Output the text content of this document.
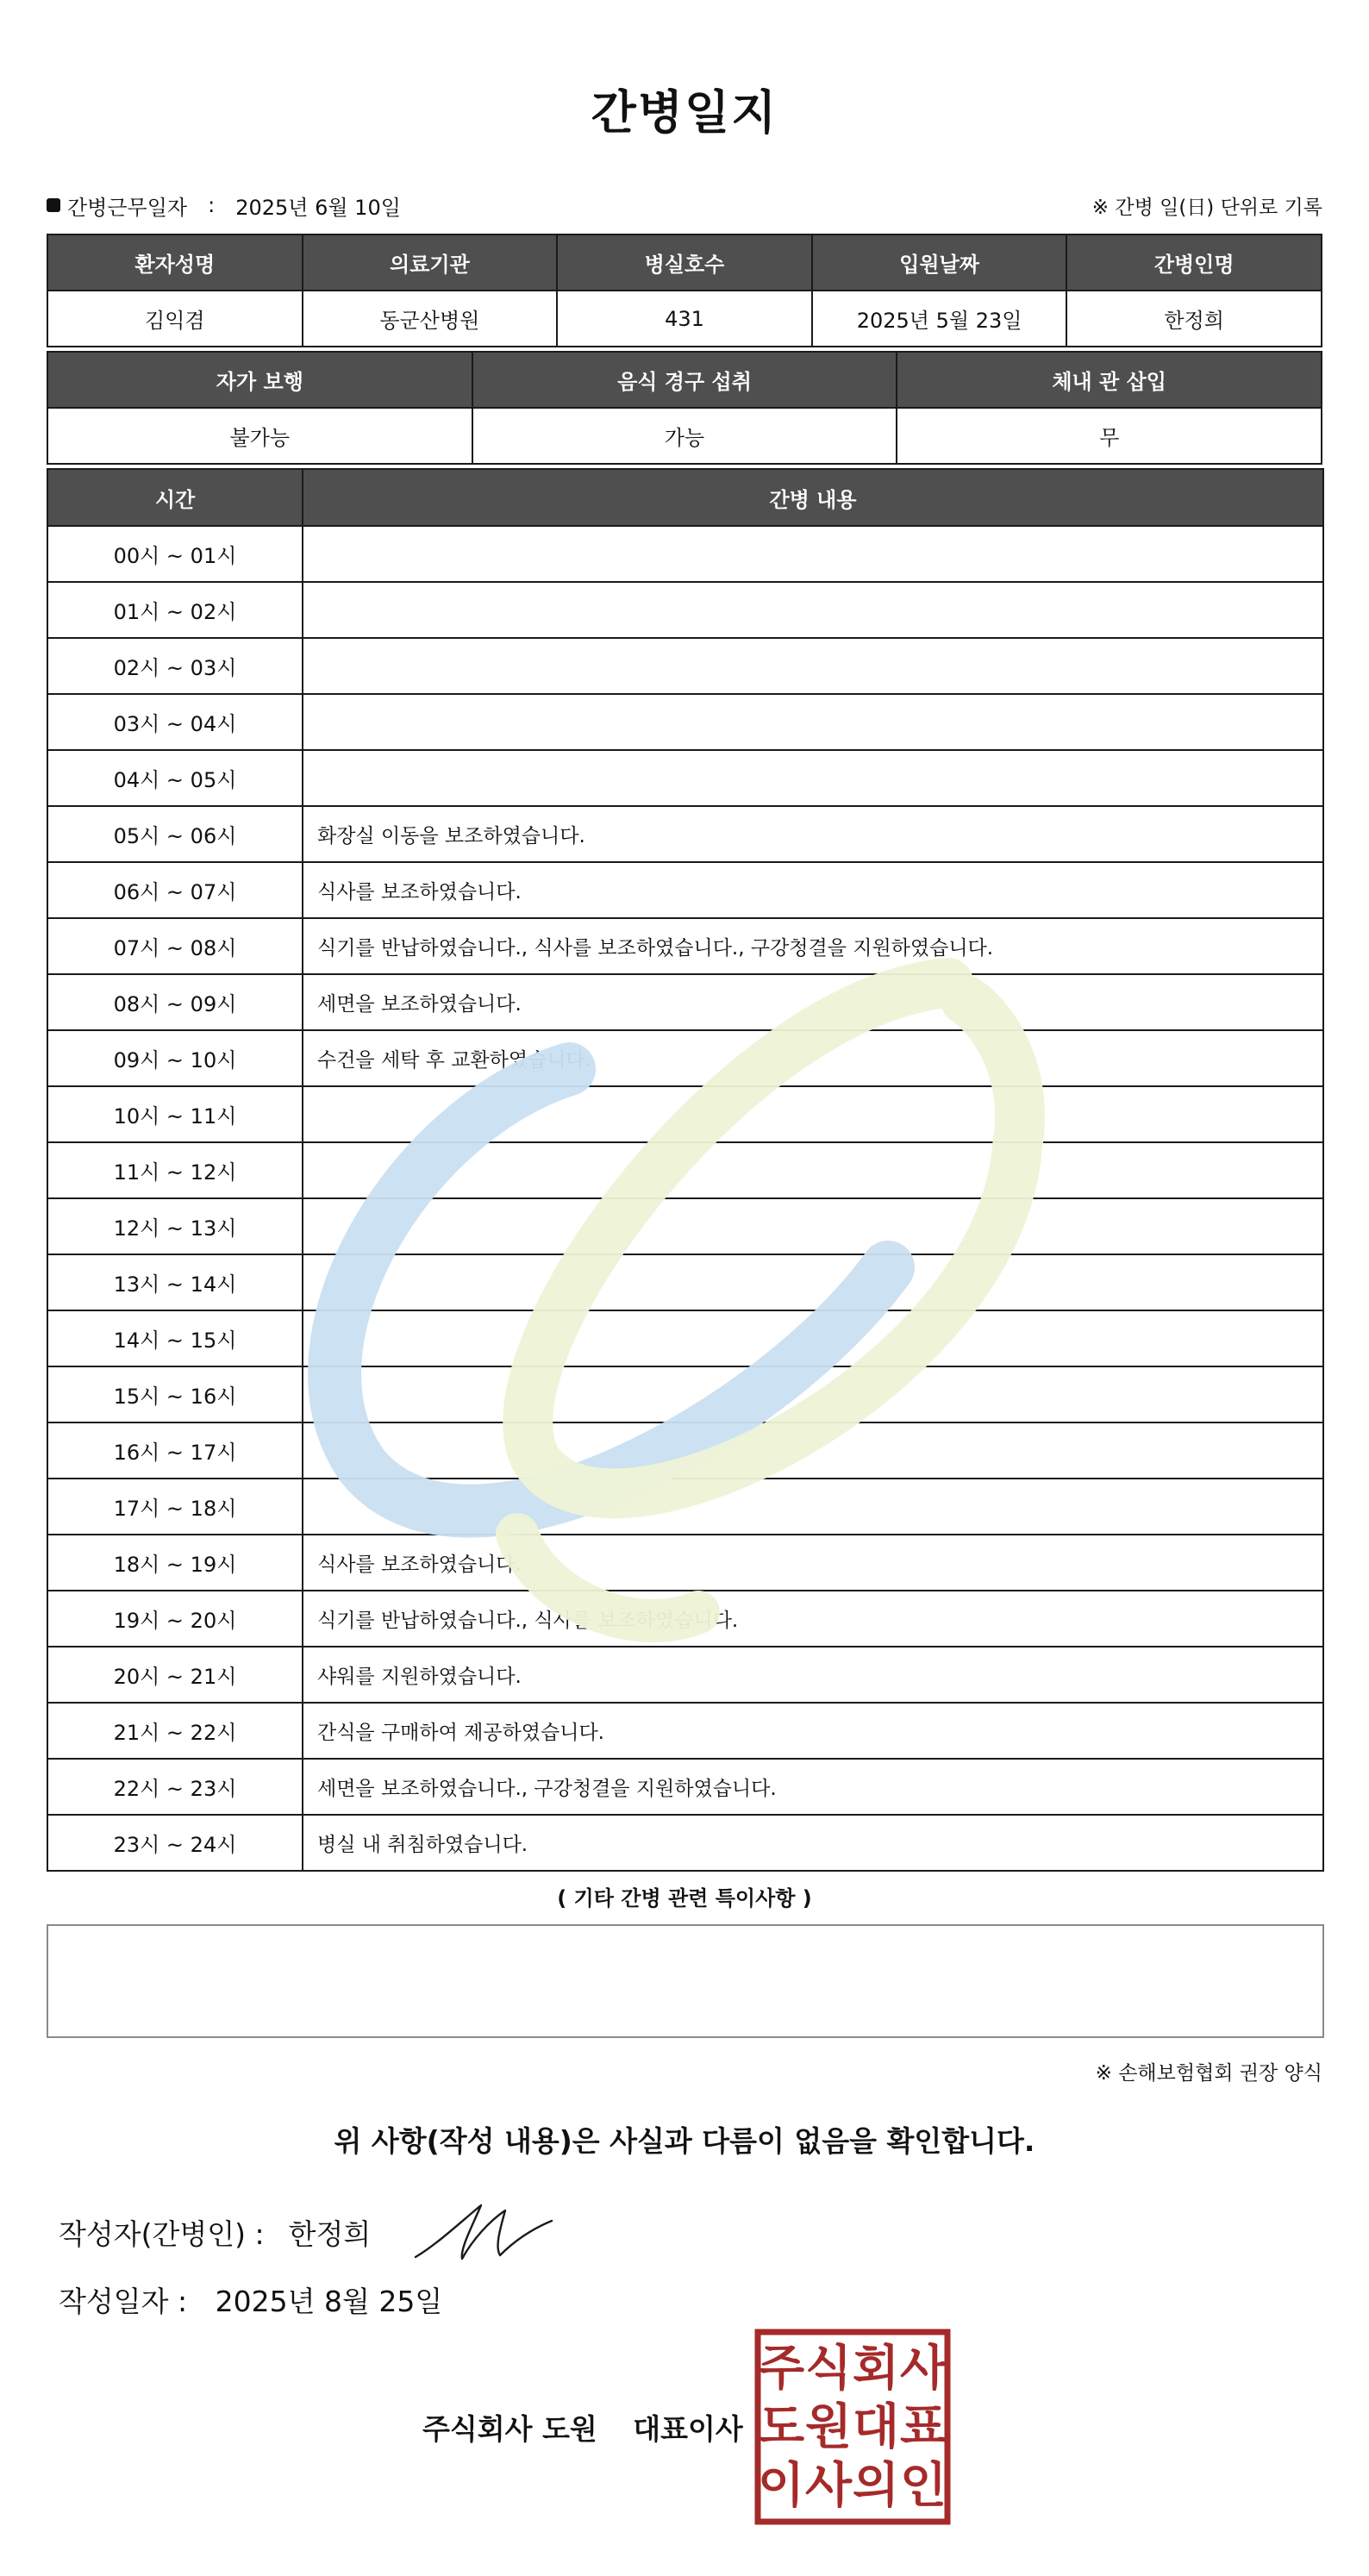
간병일지
간병근무일자 : 2025년 6월 10일	※ 간병 일(日) 단위로 기록
환자성명	의료기관	병실호수	입원날짜	간병인명
김익겸	동군산병원	431	2025년 5월 23일	한정희
자가 보행	음식 경구 섭취	체내 관 삽입
불가능	가능	무
시간	간병 내용
00시 ~ 01시	
01시 ~ 02시	
02시 ~ 03시	
03시 ~ 04시	
04시 ~ 05시	
05시 ~ 06시	화장실 이동을 보조하였습니다.
06시 ~ 07시	식사를 보조하였습니다.
07시 ~ 08시	식기를 반납하였습니다., 식사를 보조하였습니다., 구강청결을 지원하였습니다.
08시 ~ 09시	세면을 보조하였습니다.
09시 ~ 10시	수건을 세탁 후 교환하였습니다.
10시 ~ 11시	
11시 ~ 12시	
12시 ~ 13시	
13시 ~ 14시	
14시 ~ 15시	
15시 ~ 16시	
16시 ~ 17시	
17시 ~ 18시	
18시 ~ 19시	식사를 보조하였습니다.
19시 ~ 20시	식기를 반납하였습니다., 식사를 보조하였습니다.
20시 ~ 21시	샤워를 지원하였습니다.
21시 ~ 22시	간식을 구매하여 제공하였습니다.
22시 ~ 23시	세면을 보조하였습니다., 구강청결을 지원하였습니다.
23시 ~ 24시	병실 내 취침하였습니다.
( 기타 간병 관련 특이사항 )
※ 손해보험협회 권장 양식
위 사항(작성 내용)은 사실과 다름이 없음을 확인합니다.
작성자(간병인) : 한정희
작성일자 : 2025년 8월 25일
주식회사 도원 대표이사
주 식 회 사
도 원 대 표
이 사 의 인
